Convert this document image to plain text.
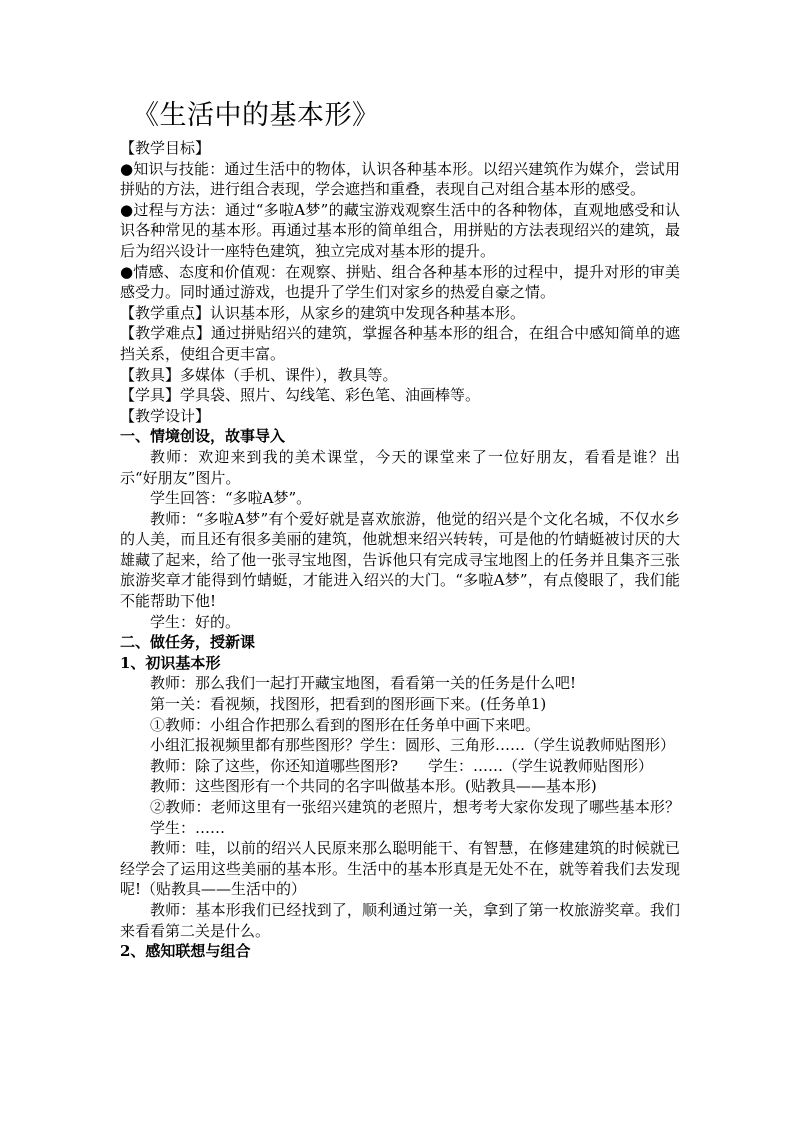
《生活中的基本形》

【教学目标】

●知识与技能：通过生活中的物体，认识各种基本形。以绍兴建筑作为媒介，尝试用拼贴的方法，进行组合表现，学会遮挡和重叠，表现自己对组合基本形的感受。

●过程与方法：通过“多啦A梦”的藏宝游戏观察生活中的各种物体，直观地感受和认识各种常见的基本形。再通过基本形的简单组合，用拼贴的方法表现绍兴的建筑，最后为绍兴设计一座特色建筑，独立完成对基本形的提升。

●情感、态度和价值观：在观察、拼贴、组合各种基本形的过程中，提升对形的审美感受力。同时通过游戏，也提升了学生们对家乡的热爱自豪之情。

【教学重点】认识基本形，从家乡的建筑中发现各种基本形。

【教学难点】通过拼贴绍兴的建筑，掌握各种基本形的组合，在组合中感知简单的遮挡关系，使组合更丰富。

【教具】多媒体（手机、课件），教具等。

【学具】学具袋、照片、勾线笔、彩色笔、油画棒等。

【教学设计】

一、情境创设，故事导入

教师：欢迎来到我的美术课堂，今天的课堂来了一位好朋友，看看是谁？出示“好朋友”图片。

学生回答：“多啦A梦”。

教师：“多啦A梦”有个爱好就是喜欢旅游，他觉的绍兴是个文化名城，不仅水乡的人美，而且还有很多美丽的建筑，他就想来绍兴转转，可是他的竹蜻蜓被讨厌的大雄藏了起来，给了他一张寻宝地图，告诉他只有完成寻宝地图上的任务并且集齐三张旅游奖章才能得到竹蜻蜓，才能进入绍兴的大门。“多啦A梦”，有点傻眼了，我们能不能帮助下他!

学生：好的。

二、做任务，授新课

1、初识基本形

教师：那么我们一起打开藏宝地图，看看第一关的任务是什么吧!

第一关：看视频，找图形，把看到的图形画下来。(任务单1)

①教师：小组合作把那么看到的图形在任务单中画下来吧。

小组汇报视频里都有那些图形？学生：圆形、三角形……（学生说教师贴图形）

教师：除了这些，你还知道哪些图形? 学生：……（学生说教师贴图形）

教师：这些图形有一个共同的名字叫做基本形。(贴教具——基本形)

②教师：老师这里有一张绍兴建筑的老照片，想考考大家你发现了哪些基本形？学生：……

教师：哇，以前的绍兴人民原来那么聪明能干、有智慧，在修建建筑的时候就已经学会了运用这些美丽的基本形。生活中的基本形真是无处不在，就等着我们去发现呢!（贴教具——生活中的）

教师：基本形我们已经找到了，顺利通过第一关，拿到了第一枚旅游奖章。我们来看看第二关是什么。

2、感知联想与组合
